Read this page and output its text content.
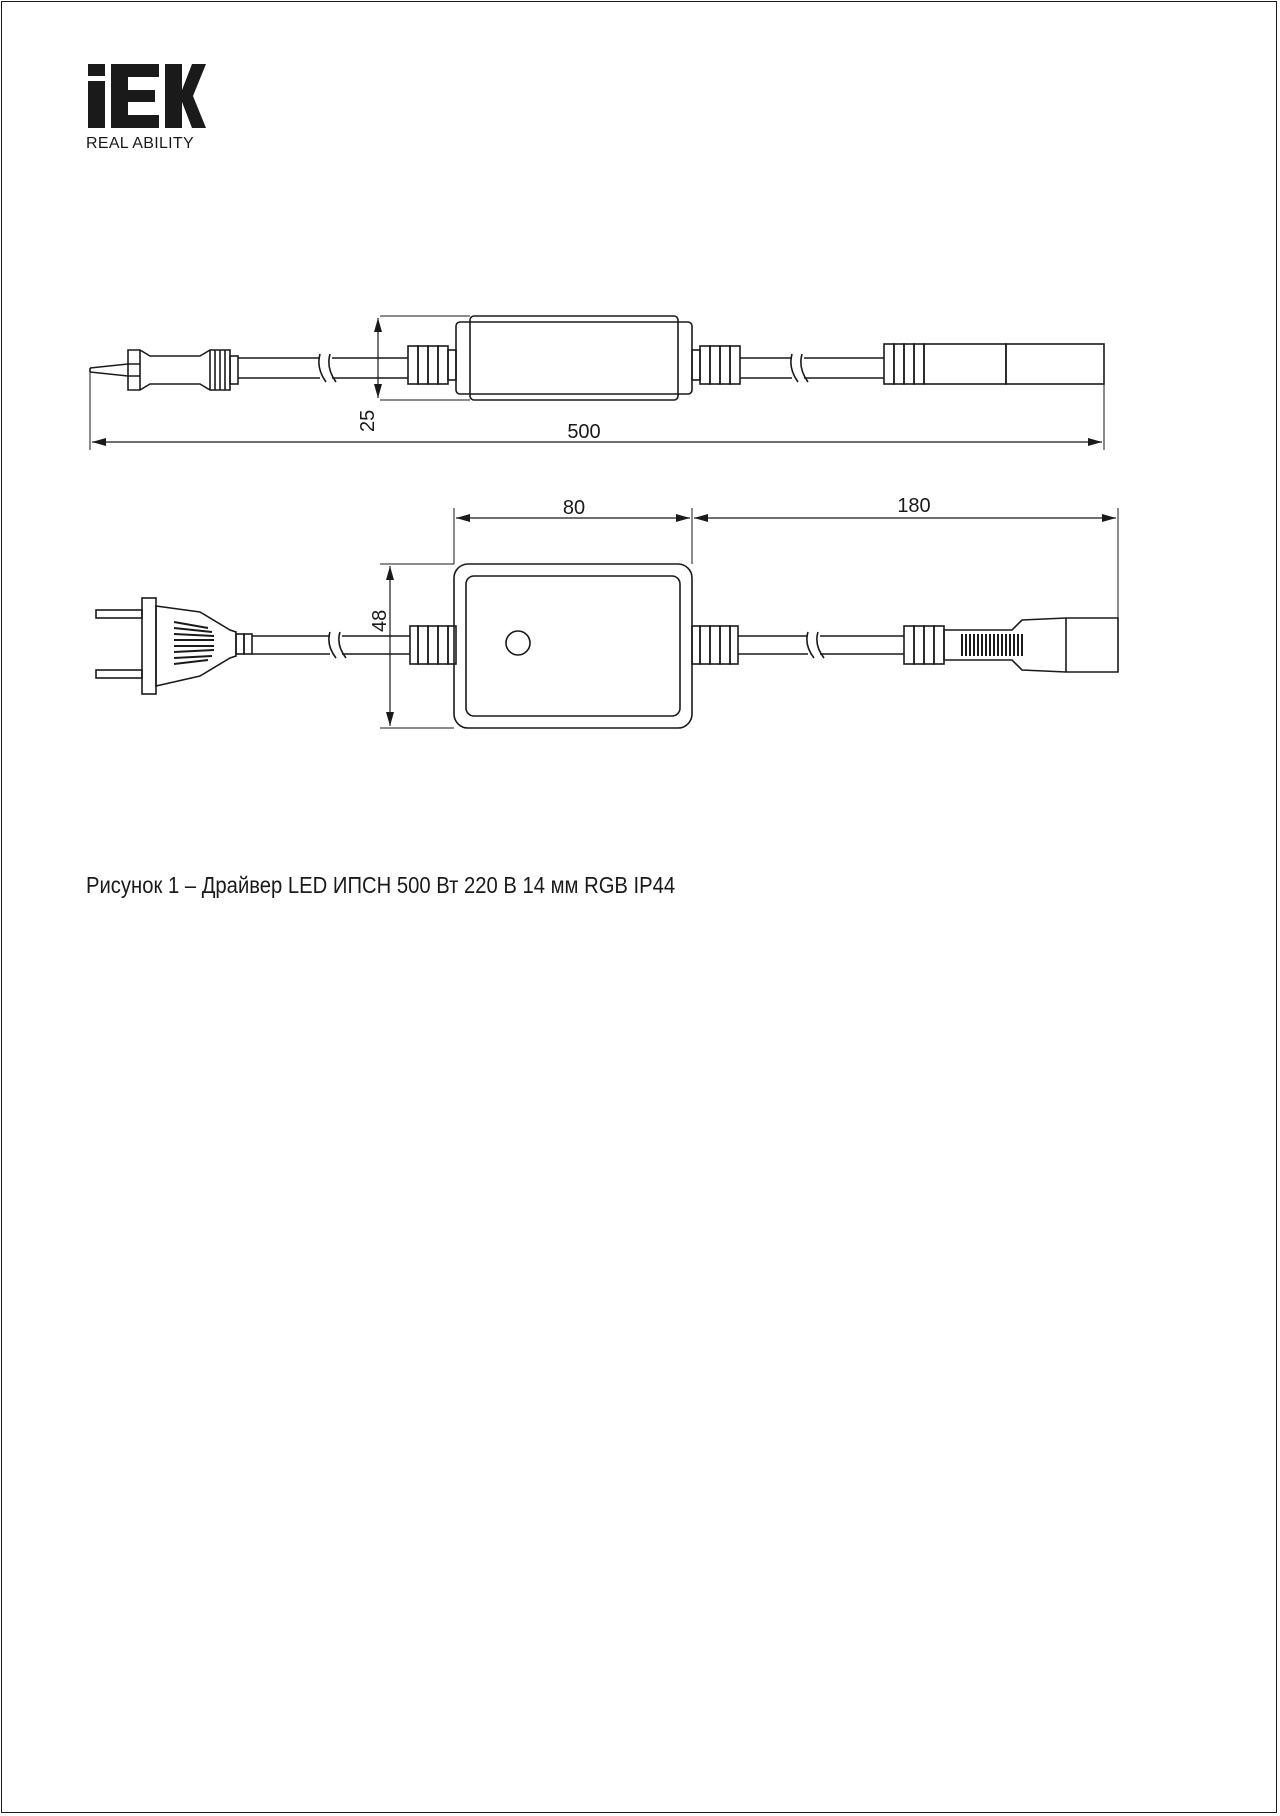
REAL ABILITY
25	500
80	180
48
Рисунок 1 – Драйвер LED ИПСН 500 Вт 220 В 14 мм RGB IP44
